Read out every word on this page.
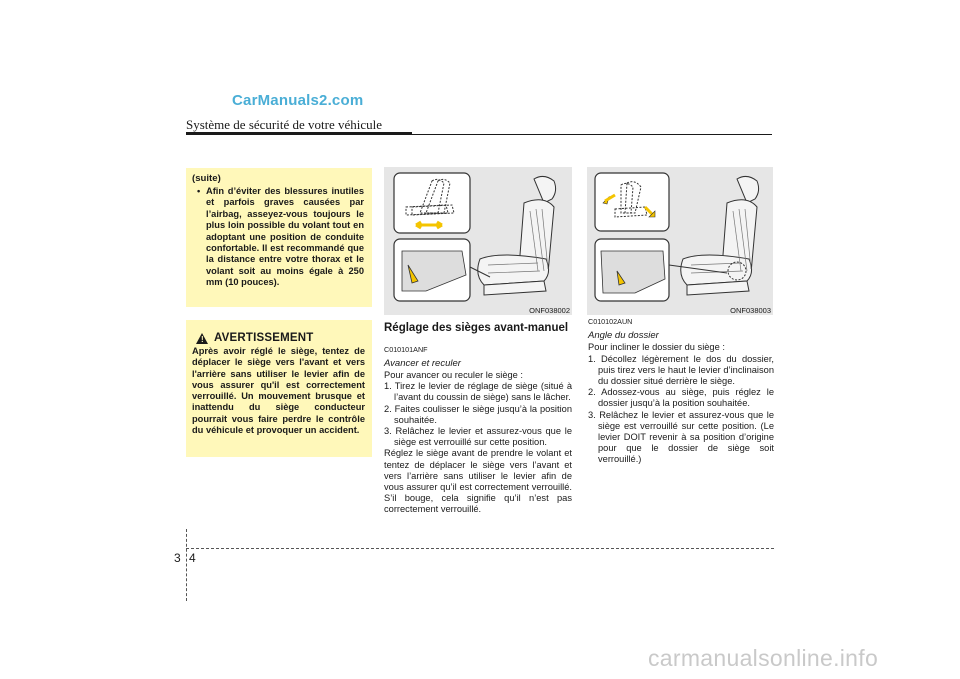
CarManuals2.com
Système de sécurité de votre véhicule
(suite)
• Afin d’éviter des blessures inutiles et parfois graves causées par l’airbag, asseyez-vous toujours le plus loin possible du volant tout en adoptant une position de conduite confortable. Il est recommandé que la distance entre votre thorax et le volant soit au moins égale à 250 mm (10 pouces).
! AVERTISSEMENT
Après avoir réglé le siège, tentez de déplacer le siège vers l'avant et vers l'arrière sans utiliser le levier afin de vous assurer qu'il est correctement verrouillé. Un mouvement brusque et inattendu du siège conducteur pourrait vous faire perdre le contrôle du véhicule et provoquer un accident.
ONF038002	ONF038003
Réglage des sièges avant-manuel
C010101ANF
Avancer et reculer
Pour avancer ou reculer le siège :
1. Tirez le levier de réglage de siège (situé à l’avant du coussin de siège) sans le lâcher.
2. Faites coulisser le siège jusqu’à la position souhaitée.
3. Relâchez le levier et assurez-vous que le siège est verrouillé sur cette position.
Réglez le siège avant de prendre le volant et tentez de déplacer le siège vers l’avant et vers l’arrière sans utiliser le levier afin de vous assurer qu’il est correctement verrouillé. S’il bouge, cela signifie qu’il n’est pas correctement verrouillé.
C010102AUN
Angle du dossier
Pour incliner le dossier du siège :
1. Décollez légèrement le dos du dossier, puis tirez vers le haut le levier d’inclinaison du dossier situé derrière le siège.
2. Adossez-vous au siège, puis réglez le dossier jusqu’à la position souhaitée.
3. Relâchez le levier et assurez-vous que le siège est verrouillé sur cette position. (Le levier DOIT revenir à sa position d’origine pour que le dossier de siège soit verrouillé.)
3 4
carmanualsonline.info
